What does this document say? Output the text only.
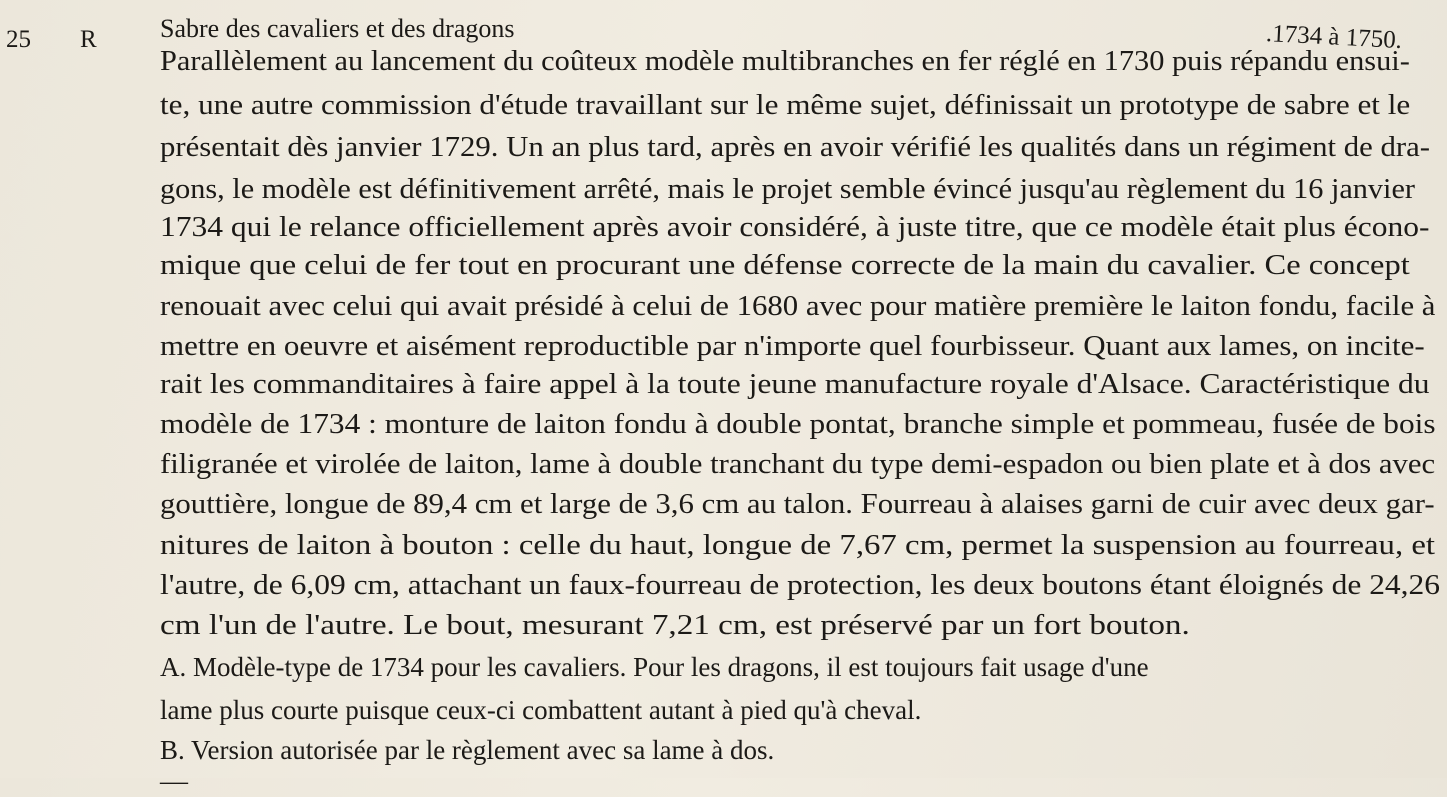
25 R Sabre des cavaliers et des dragons	.1734 à 1750.
Parallèlement au lancement du coûteux modèle multibranches en fer réglé en 1730 puis répandu ensui-
te, une autre commission d'étude travaillant sur le même sujet, définissait un prototype de sabre et le
présentait dès janvier 1729. Un an plus tard, après en avoir vérifié les qualités dans un régiment de dra-
gons, le modèle est définitivement arrêté, mais le projet semble évincé jusqu'au règlement du 16 janvier
1734 qui le relance officiellement après avoir considéré, à juste titre, que ce modèle était plus écono-
mique que celui de fer tout en procurant une défense correcte de la main du cavalier. Ce concept
renouait avec celui qui avait présidé à celui de 1680 avec pour matière première le laiton fondu, facile à
mettre en oeuvre et aisément reproductible par n'importe quel fourbisseur. Quant aux lames, on incite-
rait les commanditaires à faire appel à la toute jeune manufacture royale d'Alsace. Caractéristique du
modèle de 1734 : monture de laiton fondu à double pontat, branche simple et pommeau, fusée de bois
filigranée et virolée de laiton, lame à double tranchant du type demi-espadon ou bien plate et à dos avec
gouttière, longue de 89,4 cm et large de 3,6 cm au talon. Fourreau à alaises garni de cuir avec deux gar-
nitures de laiton à bouton : celle du haut, longue de 7,67 cm, permet la suspension au fourreau, et
l'autre, de 6,09 cm, attachant un faux-fourreau de protection, les deux boutons étant éloignés de 24,26
cm l'un de l'autre. Le bout, mesurant 7,21 cm, est préservé par un fort bouton.
A. Modèle-type de 1734 pour les cavaliers. Pour les dragons, il est toujours fait usage d'une
lame plus courte puisque ceux-ci combattent autant à pied qu'à cheval.
B. Version autorisée par le règlement avec sa lame à dos.
—
